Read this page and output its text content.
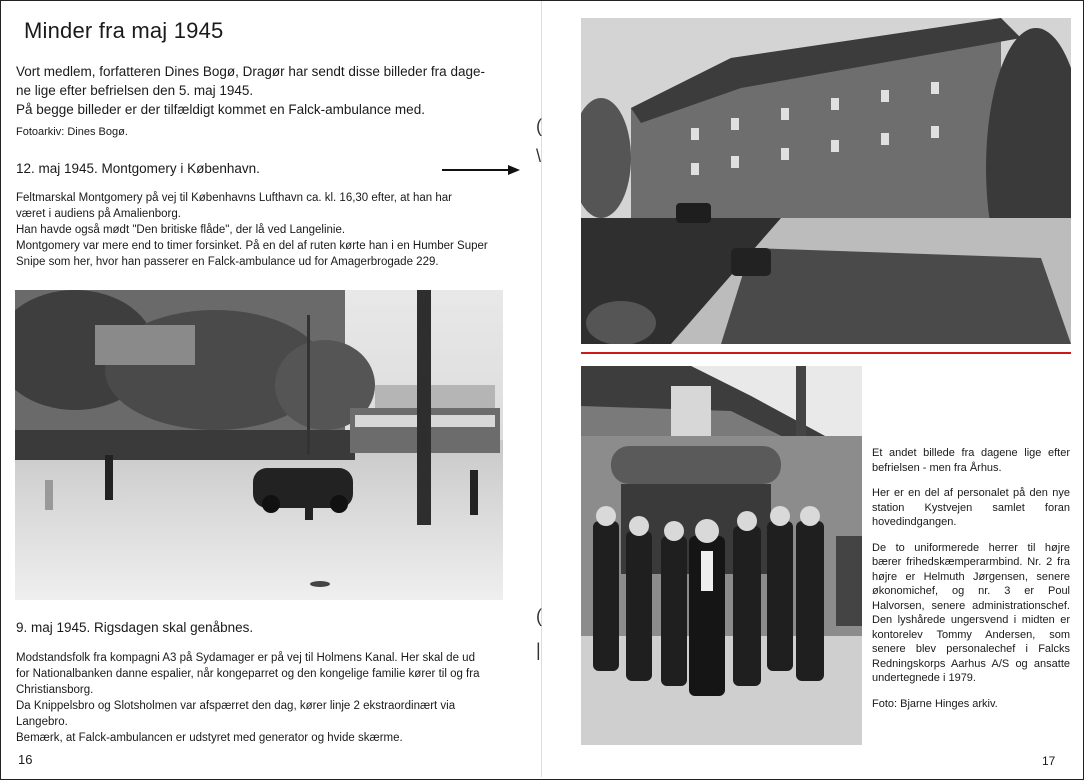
Minder fra maj 1945

Vort medlem, forfatteren Dines Bogø, Dragør har sendt disse billeder fra dage-

ne lige efter befrielsen den 5. maj 1945.

På begge billeder er der tilfældigt kommet en Falck-ambulance med.

Fotoarkiv: Dines Bogø.
12. maj 1945. Montgomery i København.
(
\

Feltmarskal Montgomery på vej til Københavns Lufthavn ca. kl. 16,30 efter, at han har

været i audiens på Amalienborg.

Han havde også mødt "Den britiske flåde", der lå ved Langelinie.

Montgomery var mere end to timer forsinket. På en del af ruten kørte han i en Humber Super

Snipe som her, hvor han passerer en Falck-ambulance ud for Amagerbrogade 229.

9. maj 1945. Rigsdagen skal genåbnes.
(
|

Modstandsfolk fra kompagni A3 på Sydamager er på vej til Holmens Kanal. Her skal de ud

for Nationalbanken danne espalier, når kongeparret og den kongelige familie kører til og fra

Christiansborg.

Da Knippelsbro og Slotsholmen var afspærret den dag, kører linje 2 ekstraordinært via

Langebro.

Bemærk, at Falck-ambulancen er udstyret med generator og hvide skærme.

16

Et andet billede fra dagene lige efter befrielsen - men fra Århus.

Her er en del af personalet på den nye station Kystvejen samlet foran hovedindgangen.

De to uniformerede herrer til højre bærer frihedskæmperarmbind. Nr. 2 fra højre er Helmuth Jørgensen, senere økonomichef, og nr. 3 er Poul Halvorsen, senere administrationschef. Den lyshårede ungersvend i midten er kontorelev Tommy Andersen, som senere blev personalechef i Falcks Redningskorps Aarhus A/S og ansatte undertegnede i 1979.

Foto: Bjarne Hinges arkiv.

17
